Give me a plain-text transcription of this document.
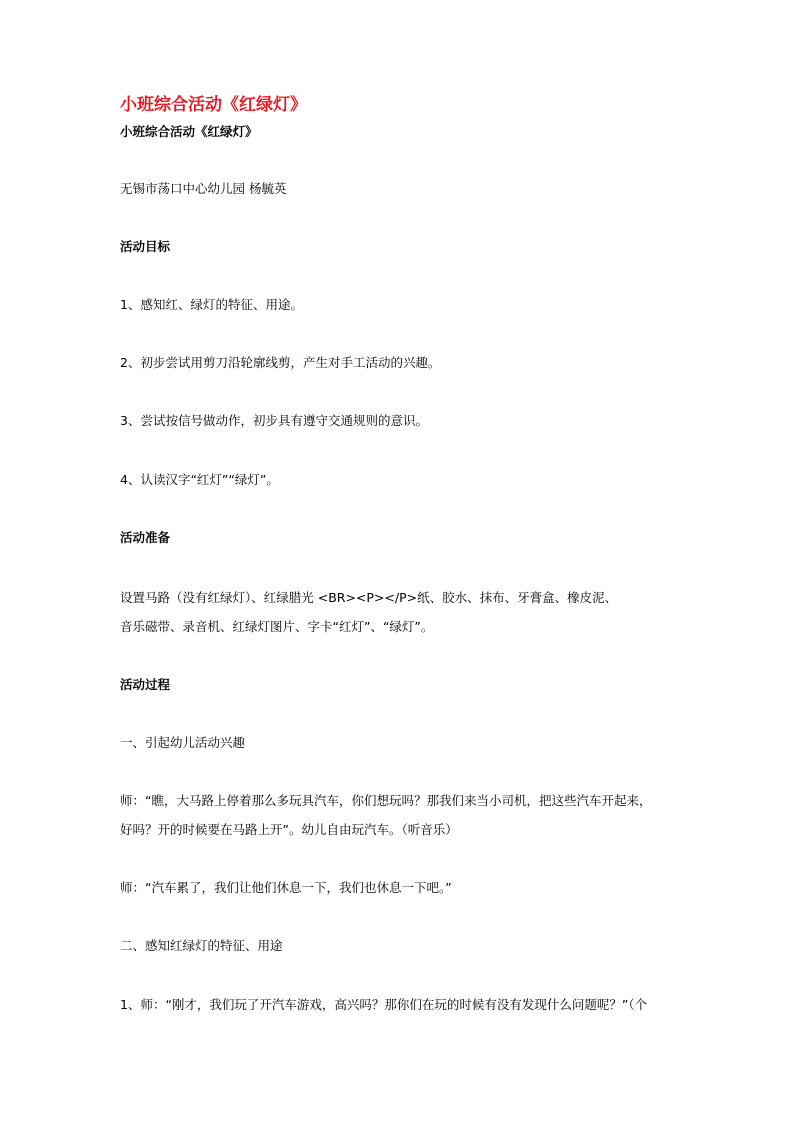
小班综合活动《红绿灯》
小班综合活动《红绿灯》
无锡市荡口中心幼儿园 杨毓英
活动目标
1、感知红、绿灯的特征、用途。
2、初步尝试用剪刀沿轮廓线剪，产生对手工活动的兴趣。
3、尝试按信号做动作，初步具有遵守交通规则的意识。
4、认读汉字“红灯”“绿灯”。
活动准备
设置马路（没有红绿灯）、红绿腊光 <BR><P></P>纸、胶水、抹布、牙膏盒、橡皮泥、
音乐磁带、录音机、红绿灯图片、字卡“红灯”、“绿灯”。
活动过程
一、引起幼儿活动兴趣
师：“瞧，大马路上停着那么多玩具汽车，你们想玩吗？那我们来当小司机，把这些汽车开起来，
好吗？开的时候要在马路上开”。幼儿自由玩汽车。（听音乐）
师：“汽车累了，我们让他们休息一下，我们也休息一下吧。”
二、感知红绿灯的特征、用途
1、师：“刚才，我们玩了开汽车游戏，高兴吗？那你们在玩的时候有没有发现什么问题呢？”（个
